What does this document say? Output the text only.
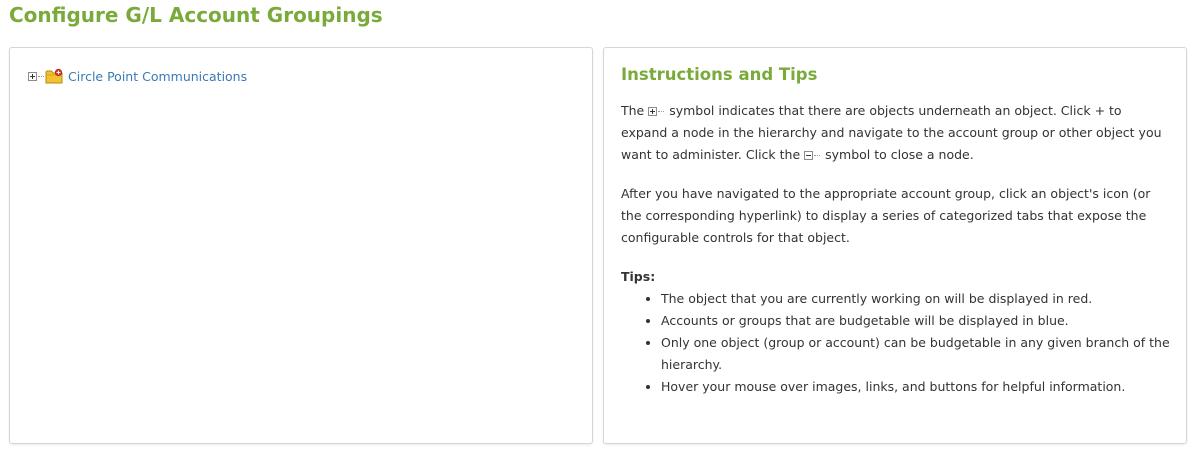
Configure G/L Account Groupings
Circle Point Communications	Instructions and Tips

The
symbol indicates that there are objects underneath an object. Click + to expand a node in the hierarchy and navigate to the account group or other object you want to administer. Click the
symbol to close a node.

After you have navigated to the appropriate account group, click an object's icon (or the corresponding hyperlink) to display a series of categorized tabs that expose the configurable controls for that object.

Tips:

• The object that you are currently working on will be displayed in red.
• Accounts or groups that are budgetable will be displayed in blue.
• Only one object (group or account) can be budgetable in any given branch of the hierarchy.
• Hover your mouse over images, links, and buttons for helpful information.
